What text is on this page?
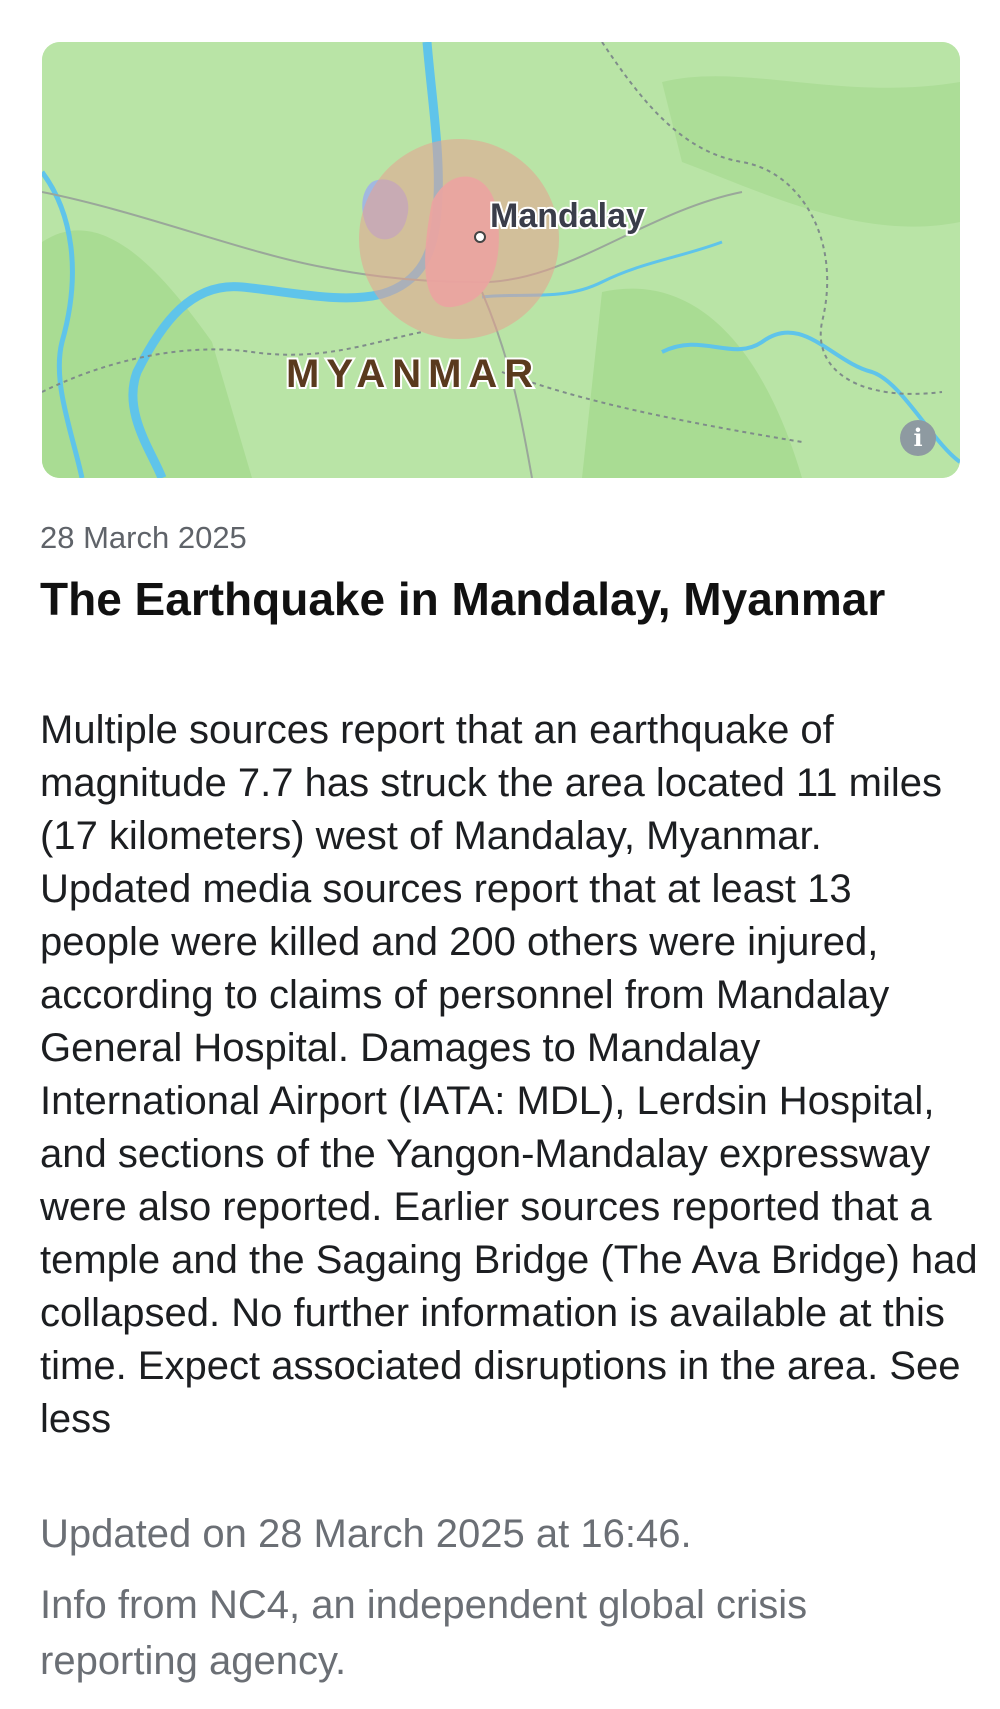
Mandalay
MYANMAR
i
28 March 2025
The Earthquake in Mandalay, Myanmar
Multiple sources report that an earthquake of magnitude 7.7 has struck the area located 11 miles (17 kilometers) west of Mandalay, Myanmar. Updated media sources report that at least 13 people were killed and 200 others were injured, according to claims of personnel from Mandalay General Hospital. Damages to Mandalay International Airport (IATA: MDL), Lerdsin Hospital, and sections of the Yangon-Mandalay expressway were also reported. Earlier sources reported that a temple and the Sagaing Bridge (The Ava Bridge) had collapsed. No further information is available at this time. Expect associated disruptions in the area. See less
Updated on 28 March 2025 at 16:46.
Info from NC4, an independent global crisis reporting agency.
